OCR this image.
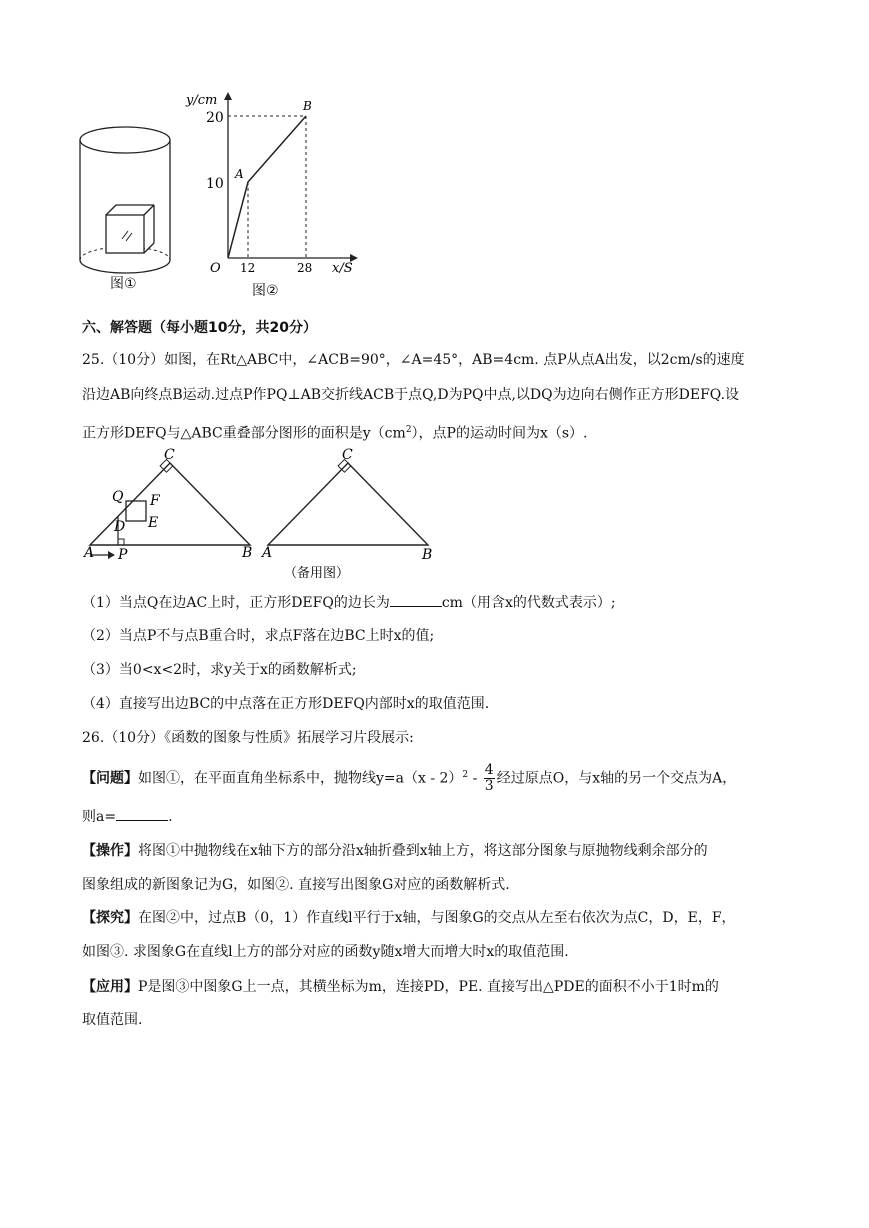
图①
y/cm
x/S
O
20
10
12	28
A
B
图②
六、解答题（每小题10分，共20分）
25.（10分）如图，在Rt△ABC中，∠ACB=90°，∠A=45°，AB=4cm. 点P从点A出发，以2cm/s的速度
沿边AB向终点B运动.过点P作PQ⊥AB交折线ACB于点Q,D为PQ中点,以DQ为边向右侧作正方形DEFQ.设
正方形DEFQ与△ABC重叠部分图形的面积是$y(cm^2)$，点P的运动时间为x（s）.
C
Q F
D E
A P	B
C
A	B
（备用图）
（1）当点Q在边AC上时，正方形DEFQ的边长为	cm（用含x的代数式表示）;
（2）当点P不与点B重合时，求点F落在边BC上时x的值;
（3）当0<x<2时，求y关于x的函数解析式;
（4）直接写出边BC的中点落在正方形DEFQ内部时x的取值范围.
26.（10分）《函数的图象与性质》拓展学习片段展示:
【问题】如图①，在平面直角坐标系中，抛物线$y=a(x - 2)^2 - \frac{4}{3}$ 经过原点O，与x轴的另一个交点为A，
则a=	.
【操作】将图①中抛物线在x轴下方的部分沿x轴折叠到x轴上方，将这部分图象与原抛物线剩余部分的
图象组成的新图象记为G，如图②. 直接写出图象G对应的函数解析式.
【探究】在图②中，过点B（0，1）作直线l平行于x轴，与图象G的交点从左至右依次为点C，D，E，F，
如图③. 求图象G在直线l上方的部分对应的函数y随x增大而增大时x的取值范围.
【应用】P是图③中图象G上一点，其横坐标为m，连接PD，PE. 直接写出△PDE的面积不小于1时m的
取值范围.
